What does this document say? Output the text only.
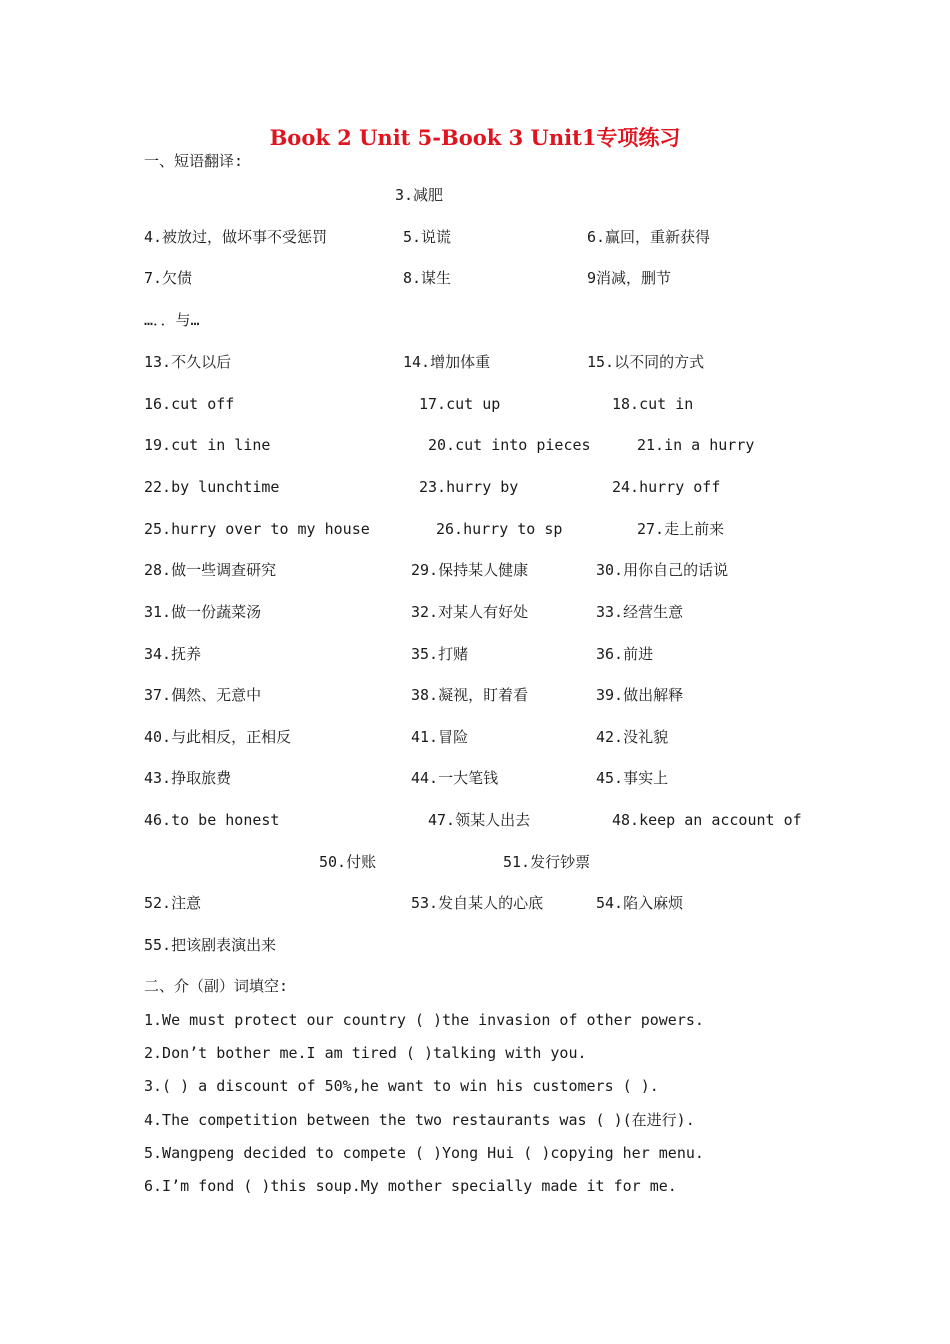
Book 2 Unit 5-Book 3 Unit1专项练习
一、短语翻译:
3.减肥
4.被放过，做坏事不受惩罚	5.说谎	6.赢回，重新获得
7.欠债	8.谋生	9消减，删节
…．．与…
13.不久以后	14.增加体重	15.以不同的方式
16.cut off	17.cut up	18.cut in
19.cut in line	20.cut into pieces	21.in a hurry
22.by lunchtime	23.hurry by	24.hurry off
25.hurry over to my house	26.hurry to sp	27.走上前来
28.做一些调查研究	29.保持某人健康	30.用你自己的话说
31.做一份蔬菜汤	32.对某人有好处	33.经营生意
34.抚养	35.打赌	36.前进
37.偶然、无意中	38.凝视，盯着看	39.做出解释
40.与此相反，正相反	41.冒险	42.没礼貌
43.挣取旅费	44.一大笔钱	45.事实上
46.to be honest	47.领某人出去	48.keep an account of
50.付账	51.发行钞票
52.注意	53.发自某人的心底	54.陷入麻烦
55.把该剧表演出来
二、介（副）词填空:
1.We must protect our country ( )the invasion of other powers.
2.Don’t bother me.I am tired ( )talking with you.
3.( ) a discount of 50%,he want to win his customers ( ).
4.The competition between the two restaurants was ( )(在进行).
5.Wangpeng decided to compete ( )Yong Hui ( )copying her menu.
6.I’m fond ( )this soup.My mother specially made it for me.
